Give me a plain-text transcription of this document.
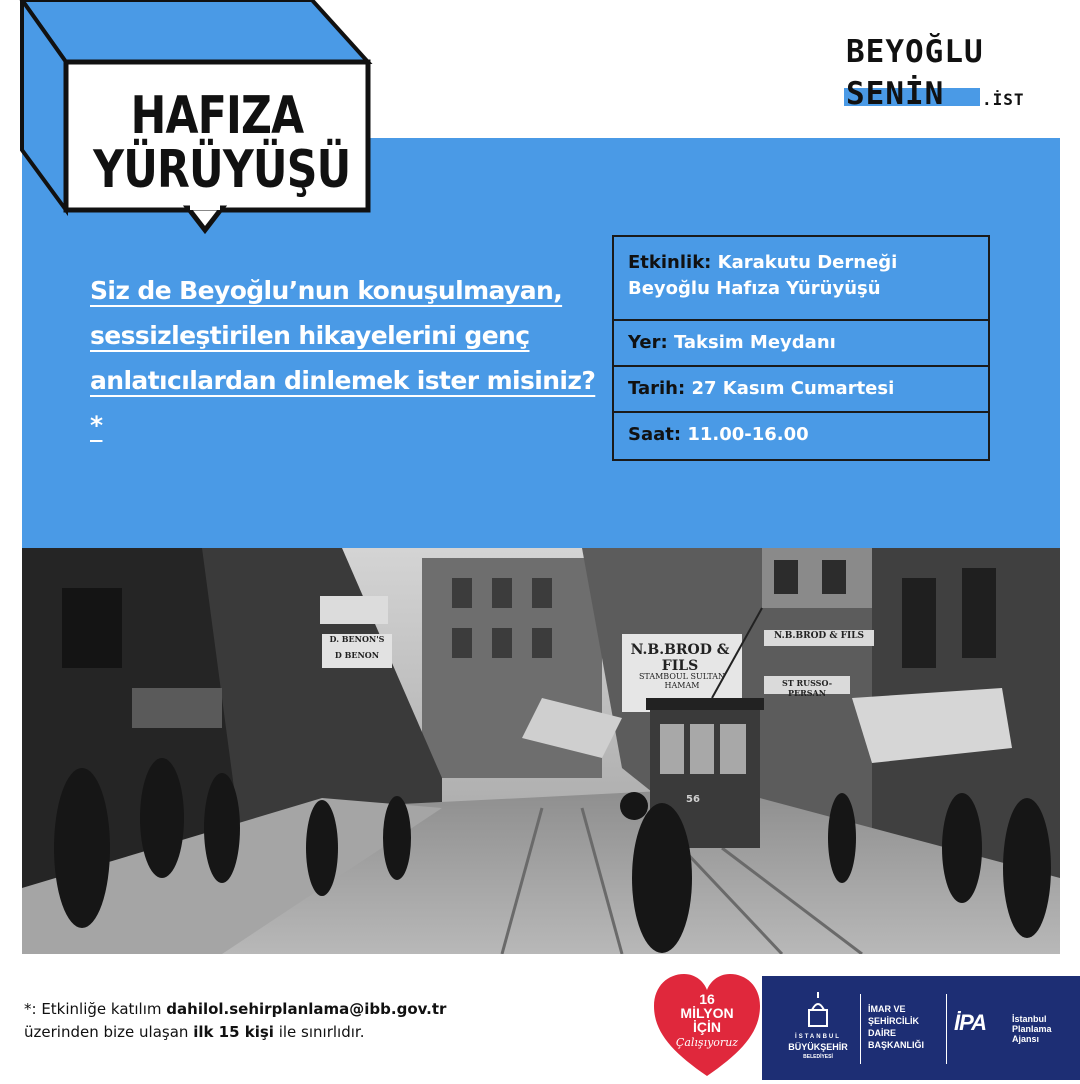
HAFIZA
YÜRÜYÜŞÜ
BEYOĞLU
SENİN .İST
Siz de Beyoğlu’nun konuşulmayan, sessizleştirilen hikayelerini genç anlatıcılardan dinlemek ister misiniz?*
Etkinlik: Karakutu Derneği Beyoğlu Hafıza Yürüyüşü
Yer: Taksim Meydanı
Tarih: 27 Kasım Cumartesi
Saat: 11.00-16.00
N.B.BROD & FILS
N.B.BROD & FILS
STAMBOUL SULTAN HAMAM
D. BENON'S
D BENON
ST RUSSO-PERSAN
56
*: Etkinliğe katılım dahilol.sehirplanlama@ibb.gov.tr
üzerinden bize ulaşan ilk 15 kişi ile sınırlıdır.
16
MİLYON
İÇİN
Çalışıyoruz	İSTANBUL
BÜYÜKŞEHİR
BELEDİYESİ
İMAR VE
ŞEHİRCİLİK
DAİRE
BAŞKANLIĞI
İPA	İstanbul
Planlama
Ajansı
